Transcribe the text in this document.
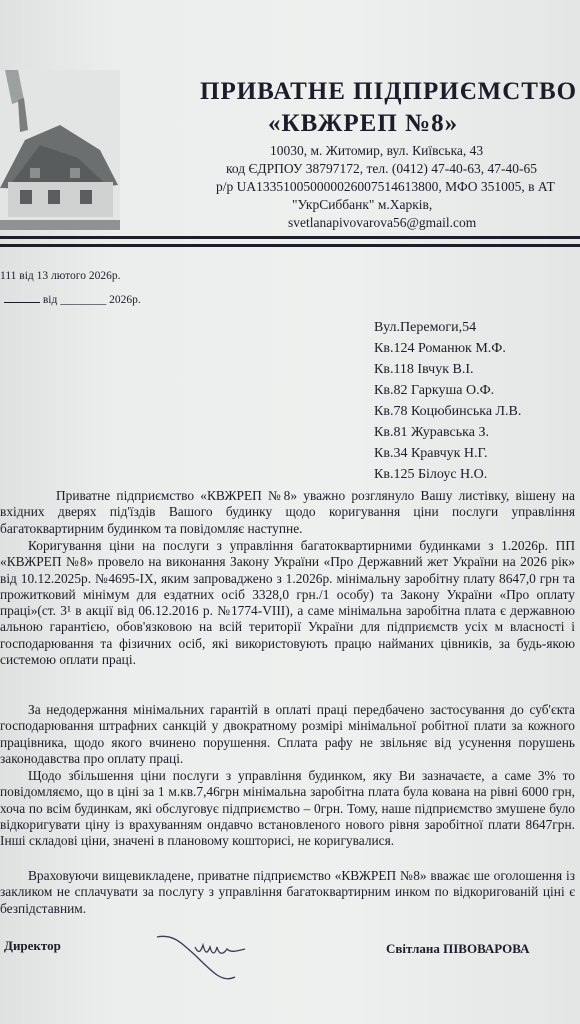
ПРИВАТНЕ ПІДПРИЄМСТВО
«КВЖРЕП №8»
10030, м. Житомир, вул. Київська, 43
код ЄДРПОУ 38797172, тел. (0412) 47-40-63, 47-40-65
р/р UA133510050000026007514613800, МФО 351005, в АТ
"УкрСиббанк" м.Харків,
svetlanapivovarova56@gmail.com
111 від 13 лютого 2026р.
від ________ 2026р.
Вул.Перемоги,54
Кв.124 Романюк М.Ф.
Кв.118 Івчук В.І.
Кв.82 Гаркуша О.Ф.
Кв.78 Коцюбинська Л.В.
Кв.81 Журавська З.
Кв.34 Кравчук Н.Г.
Кв.125 Білоус Н.О.
Приватне підприємство «КВЖРЕП №8» уважно розглянуло Вашу листівку, вішену на вхідних дверях під'їздів Вашого будинку щодо коригування ціни послуги управління багатоквартирним будинком та повідомляє наступне.
Коригування ціни на послуги з управління багатоквартирними будинками з 1.2026р. ПП «КВЖРЕП №8» провело на виконання Закону України «Про Державний жет України на 2026 рік» від 10.12.2025р. №4695-IX, яким запроваджено з 1.2026р. мінімальну заробітну плату 8647,0 грн та прожитковий мінімум для ездатних осіб 3328,0 грн./1 особу) та Закону України «Про оплату праці»(ст. 3¹ в акції від 06.12.2016 р. №1774-VIII), а саме мінімальна заробітна плата є державною альною гарантією, обов'язковою на всій території України для підприємств усіх м власності і господарювання та фізичних осіб, які використовують працю найманих цівників, за будь-якою системою оплати праці.
За недодержання мінімальних гарантій в оплаті праці передбачено застосування до суб'єкта господарювання штрафних санкцій у двократному розмірі мінімальної робітної плати за кожного працівника, щодо якого вчинено порушення. Сплата рафу не звільняє від усунення порушень законодавства про оплату праці.
Щодо збільшення ціни послуги з управління будинком, яку Ви зазначаєте, а саме 3% то повідомляємо, що в ціні за 1 м.кв.7,46грн мінімальна заробітна плата була кована на рівні 6000 грн, хоча по всім будинкам, які обслуговує підприємство – 0грн. Тому, наше підприємство змушене було відкоригувати ціну із врахуванням ондавчо встановленого нового рівня заробітної плати 8647грн. Інші складові ціни, значені в плановому кошторисі, не коригувалися.
Враховуючи вищевикладене, приватне підприємство «КВЖРЕП №8» вважає ше оголошення із закликом не сплачувати за послугу з управління багатоквартирним инком по відкоригованій ціні є безпідставним.
Директор	Світлана ПІВОВАРОВА
